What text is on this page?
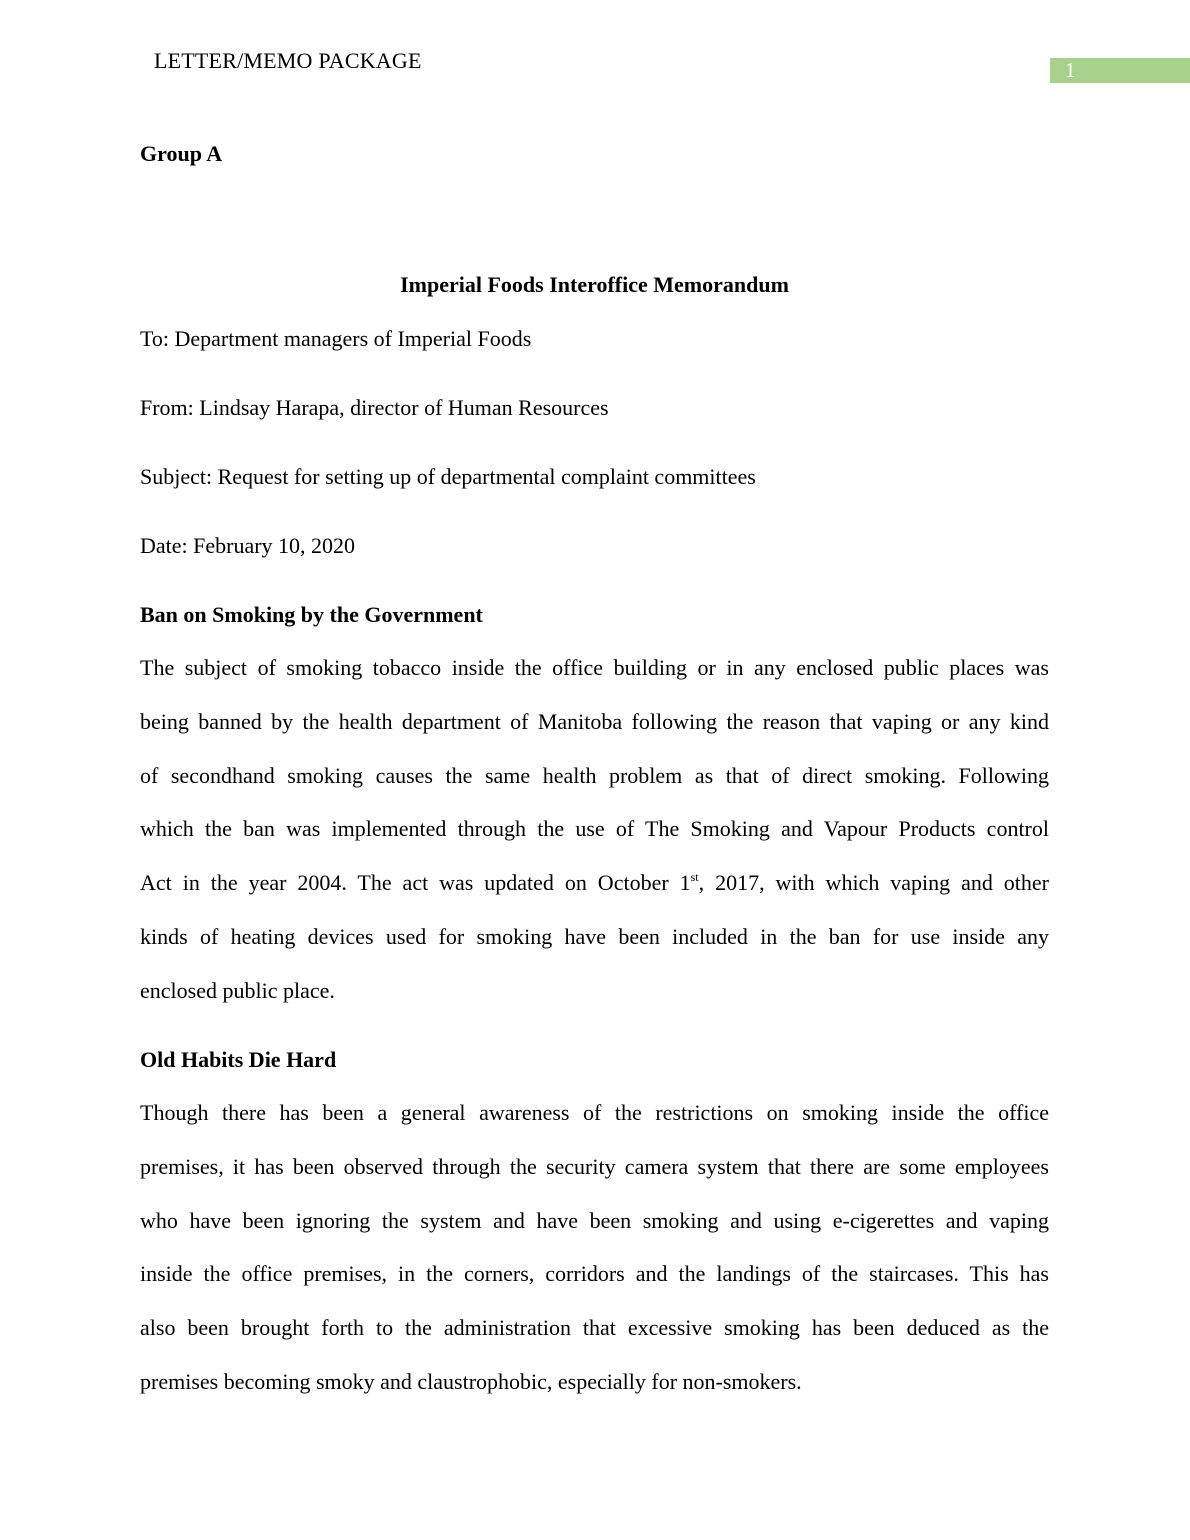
LETTER/MEMO PACKAGE	1
Group A
Imperial Foods Interoffice Memorandum
To: Department managers of Imperial Foods
From: Lindsay Harapa, director of Human Resources
Subject: Request for setting up of departmental complaint committees
Date: February 10, 2020
Ban on Smoking by the Government
The subject of smoking tobacco inside the office building or in any enclosed public places was
being banned by the health department of Manitoba following the reason that vaping or any kind
of secondhand smoking causes the same health problem as that of direct smoking. Following
which the ban was implemented through the use of The Smoking and Vapour Products control
Act in the year 2004. The act was updated on October 1st, 2017, with which vaping and other
kinds of heating devices used for smoking have been included in the ban for use inside any
enclosed public place.
Old Habits Die Hard
Though there has been a general awareness of the restrictions on smoking inside the office
premises, it has been observed through the security camera system that there are some employees
who have been ignoring the system and have been smoking and using e-cigerettes and vaping
inside the office premises, in the corners, corridors and the landings of the staircases. This has
also been brought forth to the administration that excessive smoking has been deduced as the
premises becoming smoky and claustrophobic, especially for non-smokers.
